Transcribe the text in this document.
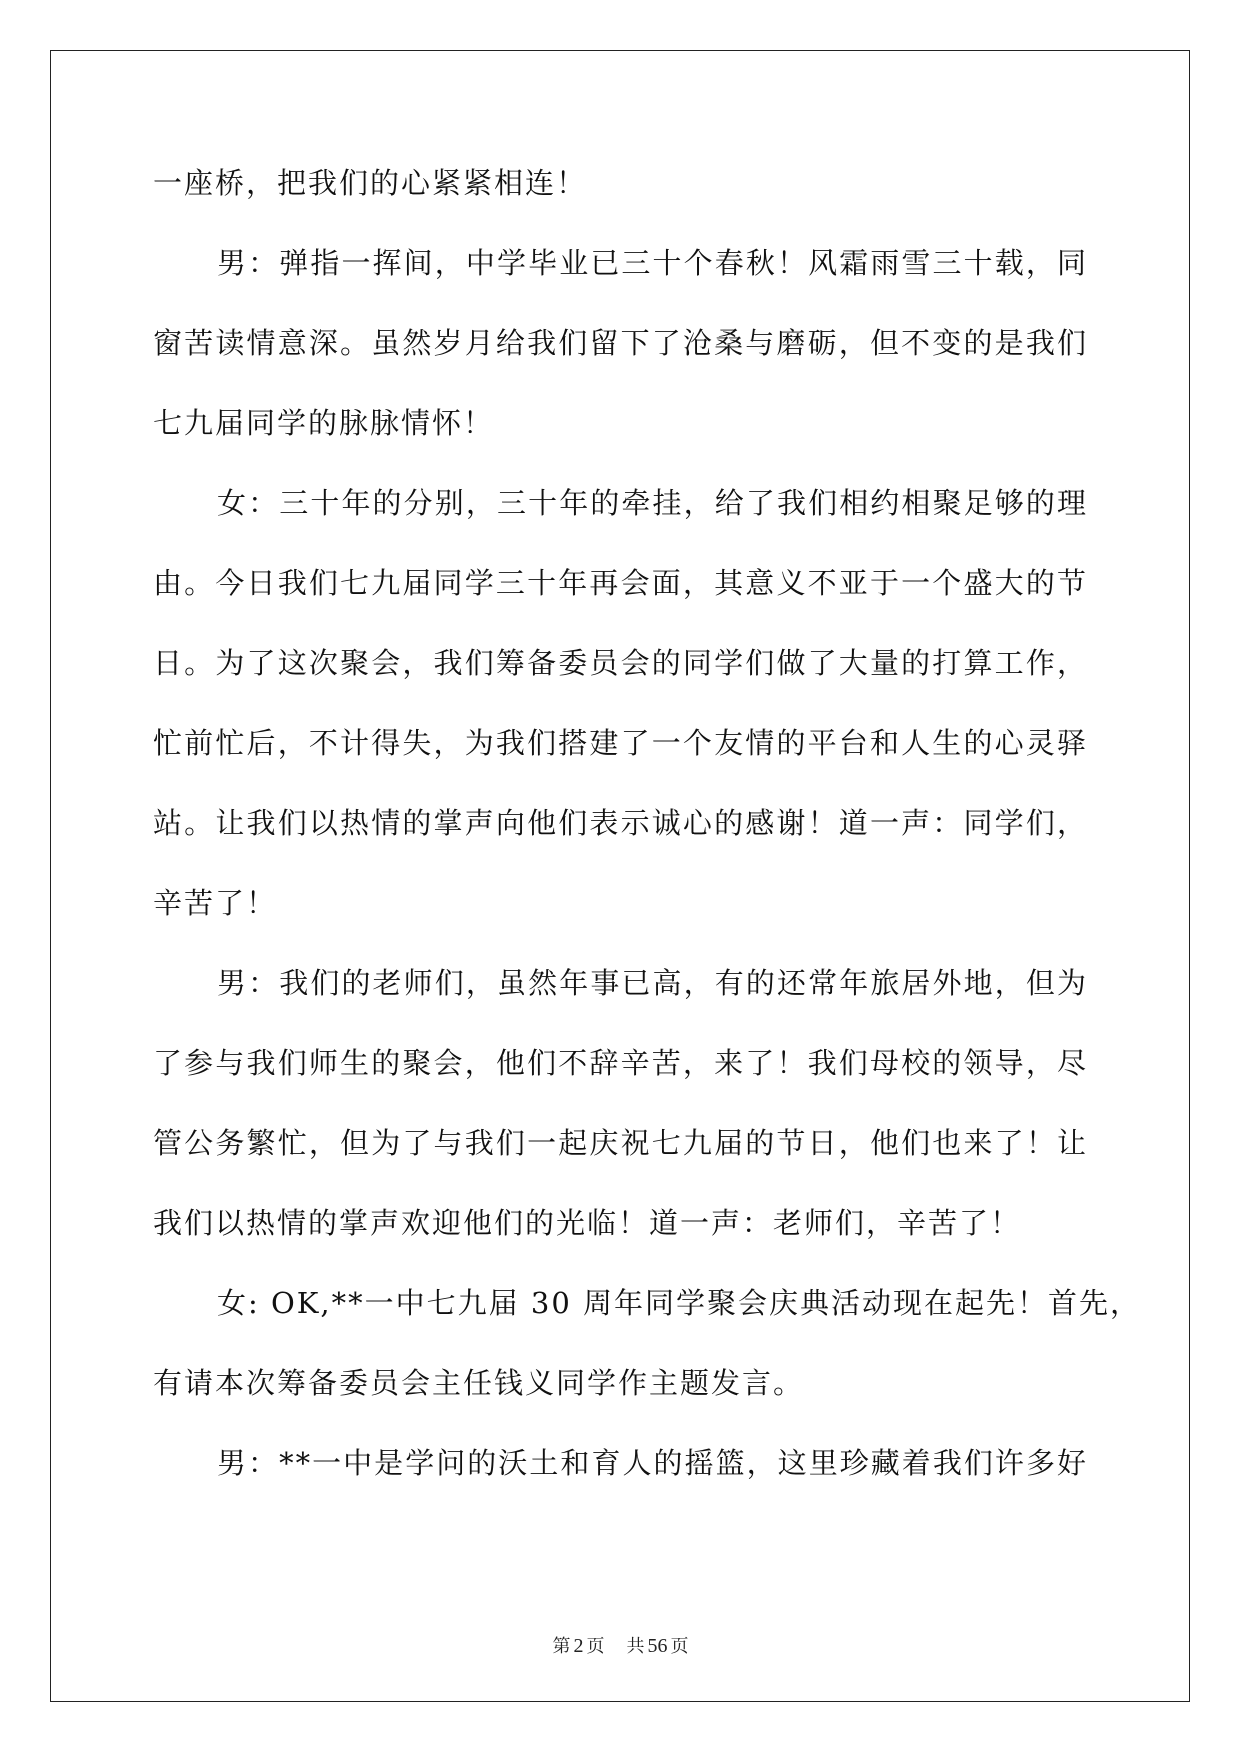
一座桥，把我们的心紧紧相连！
男：弹指一挥间，中学毕业已三十个春秋！风霜雨雪三十载，同
窗苦读情意深。虽然岁月给我们留下了沧桑与磨砺，但不变的是我们
七九届同学的脉脉情怀！
女：三十年的分别，三十年的牵挂，给了我们相约相聚足够的理
由。今日我们七九届同学三十年再会面，其意义不亚于一个盛大的节
日。为了这次聚会，我们筹备委员会的同学们做了大量的打算工作，
忙前忙后，不计得失，为我们搭建了一个友情的平台和人生的心灵驿
站。让我们以热情的掌声向他们表示诚心的感谢！道一声：同学们，
辛苦了！
男：我们的老师们，虽然年事已高，有的还常年旅居外地，但为
了参与我们师生的聚会，他们不辞辛苦，来了！我们母校的领导，尽
管公务繁忙，但为了与我们一起庆祝七九届的节日，他们也来了！让
我们以热情的掌声欢迎他们的光临！道一声：老师们，辛苦了！
女: OK,**一中七九届 30 周年同学聚会庆典活动现在起先！首先，
有请本次筹备委员会主任钱义同学作主题发言。
男：**一中是学问的沃土和育人的摇篮，这里珍藏着我们许多好
第 2 页 共 56 页
